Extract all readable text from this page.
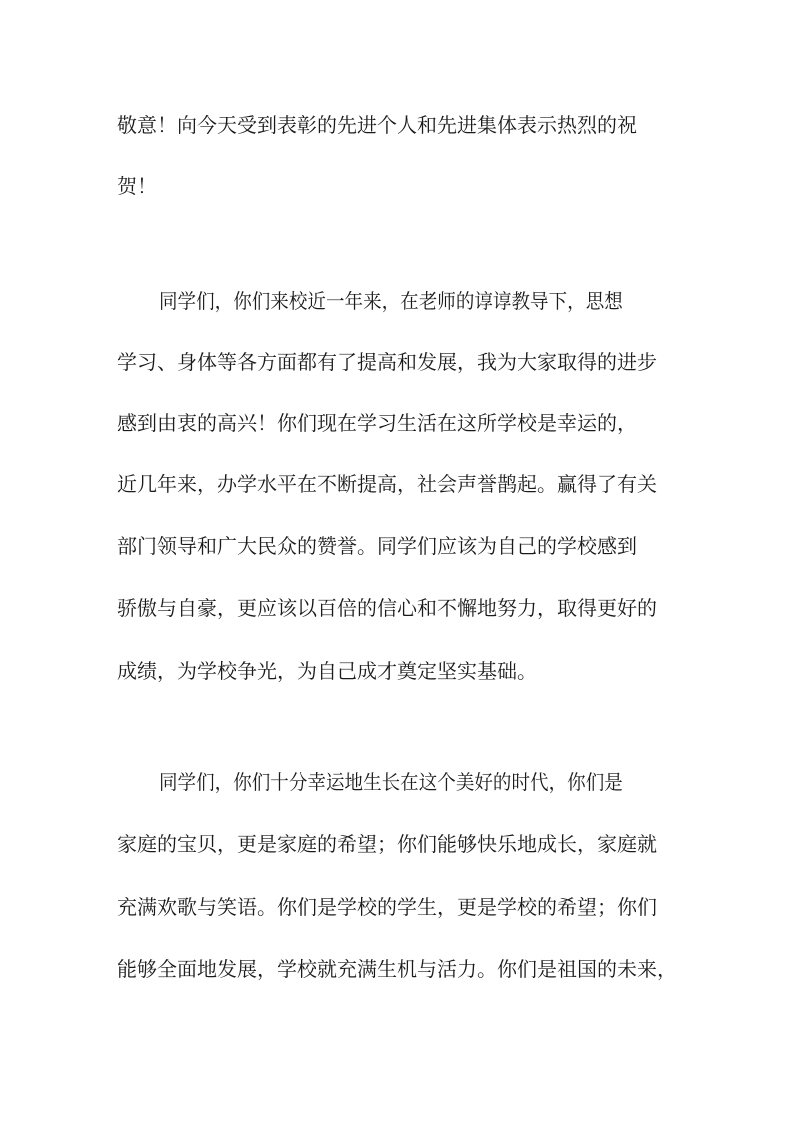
敬意！向今天受到表彰的先进个人和先进集体表示热烈的祝
贺！
同学们，你们来校近一年来，在老师的谆谆教导下，思想
学习、身体等各方面都有了提高和发展，我为大家取得的进步
感到由衷的高兴！你们现在学习生活在这所学校是幸运的，
近几年来，办学水平在不断提高，社会声誉鹊起。赢得了有关
部门领导和广大民众的赞誉。同学们应该为自己的学校感到
骄傲与自豪，更应该以百倍的信心和不懈地努力，取得更好的
成绩，为学校争光，为自己成才奠定坚实基础。
同学们，你们十分幸运地生长在这个美好的时代，你们是
家庭的宝贝，更是家庭的希望；你们能够快乐地成长，家庭就
充满欢歌与笑语。你们是学校的学生，更是学校的希望；你们
能够全面地发展，学校就充满生机与活力。你们是祖国的未来，
